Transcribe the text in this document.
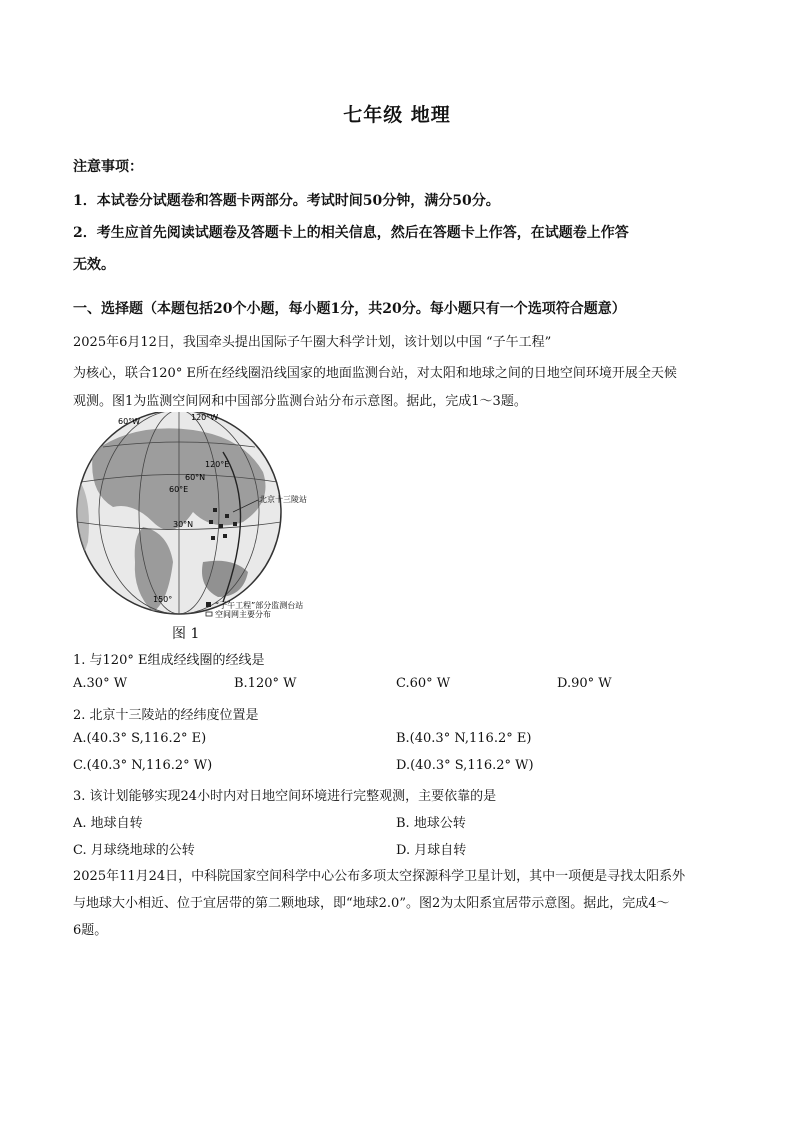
七年级 地理
注意事项：
1．本试卷分试题卷和答题卡两部分。考试时间50分钟，满分50分。
2．考生应首先阅读试题卷及答题卡上的相关信息，然后在答题卡上作答，在试题卷上作答
无效。
一、选择题（本题包括20个小题，每小题1分，共20分。每小题只有一个选项符合题意）
2025年6月12日，我国牵头提出国际子午圈大科学计划，该计划以中国 “子午工程”
为核心，联合120° E所在经线圈沿线国家的地面监测台站，对太阳和地球之间的日地空间环境开展全天候
观测。图1为监测空间网和中国部分监测台站分布示意图。据此，完成1～3题。
60°W	120°W
120°E
60°N
60°E
30°N
150°
北京十三陵站
“子午工程”部分监测台站
空间网主要分布
图 1
1. 与120° E组成经线圈的经线是
A.30° W	B.120° W	C.60° W	D.90° W
2. 北京十三陵站的经纬度位置是
A.(40.3° S,116.2° E)	B.(40.3° N,116.2° E)
C.(40.3° N,116.2° W)	D.(40.3° S,116.2° W)
3. 该计划能够实现24小时内对日地空间环境进行完整观测，主要依靠的是
A. 地球自转	B. 地球公转
C. 月球绕地球的公转	D. 月球自转
2025年11月24日，中科院国家空间科学中心公布多项太空探源科学卫星计划，其中一项便是寻找太阳系外
与地球大小相近、位于宜居带的第二颗地球，即“地球2.0”。图2为太阳系宜居带示意图。据此，完成4～
6题。
